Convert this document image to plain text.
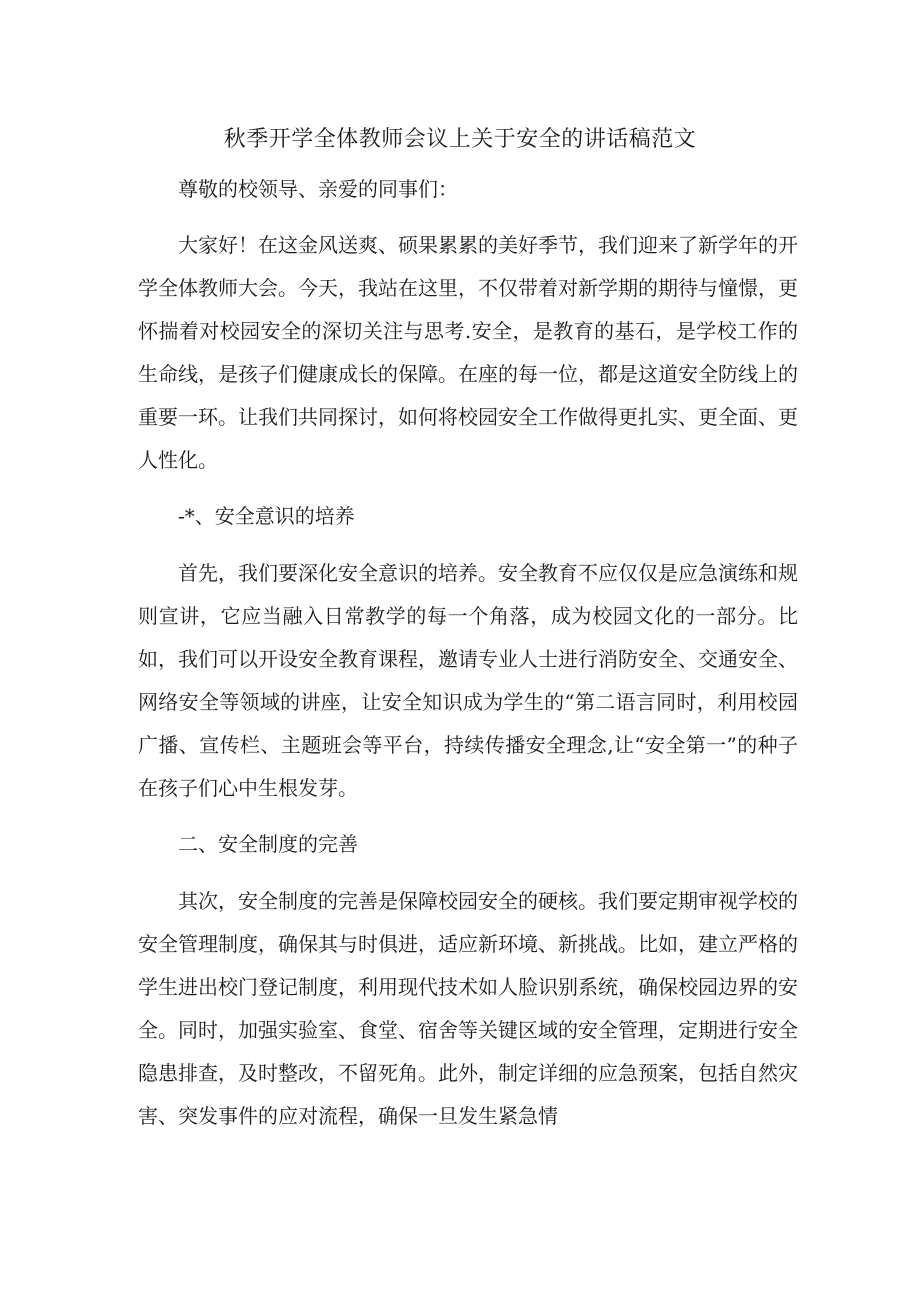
秋季开学全体教师会议上关于安全的讲话稿范文

尊敬的校领导、亲爱的同事们：

大家好！在这金风送爽、硕果累累的美好季节，我们迎来了新学年的开学全体教师大会。今天，我站在这里，不仅带着对新学期的期待与憧憬，更怀揣着对校园安全的深切关注与思考.安全，是教育的基石，是学校工作的生命线，是孩子们健康成长的保障。在座的每一位，都是这道安全防线上的重要一环。让我们共同探讨，如何将校园安全工作做得更扎实、更全面、更人性化。

-*、安全意识的培养

首先，我们要深化安全意识的培养。安全教育不应仅仅是应急演练和规则宣讲，它应当融入日常教学的每一个角落，成为校园文化的一部分。比如，我们可以开设安全教育课程，邀请专业人士进行消防安全、交通安全、网络安全等领域的讲座，让安全知识成为学生的“第二语言同时，利用校园广播、宣传栏、主题班会等平台，持续传播安全理念,让“安全第一”的种子在孩子们心中生根发芽。

二、安全制度的完善

其次，安全制度的完善是保障校园安全的硬核。我们要定期审视学校的安全管理制度，确保其与时俱进，适应新环境、新挑战。比如，建立严格的学生进出校门登记制度，利用现代技术如人脸识别系统，确保校园边界的安全。同时，加强实验室、食堂、宿舍等关键区域的安全管理，定期进行安全隐患排查，及时整改，不留死角。此外，制定详细的应急预案，包括自然灾害、突发事件的应对流程，确保一旦发生紧急情
